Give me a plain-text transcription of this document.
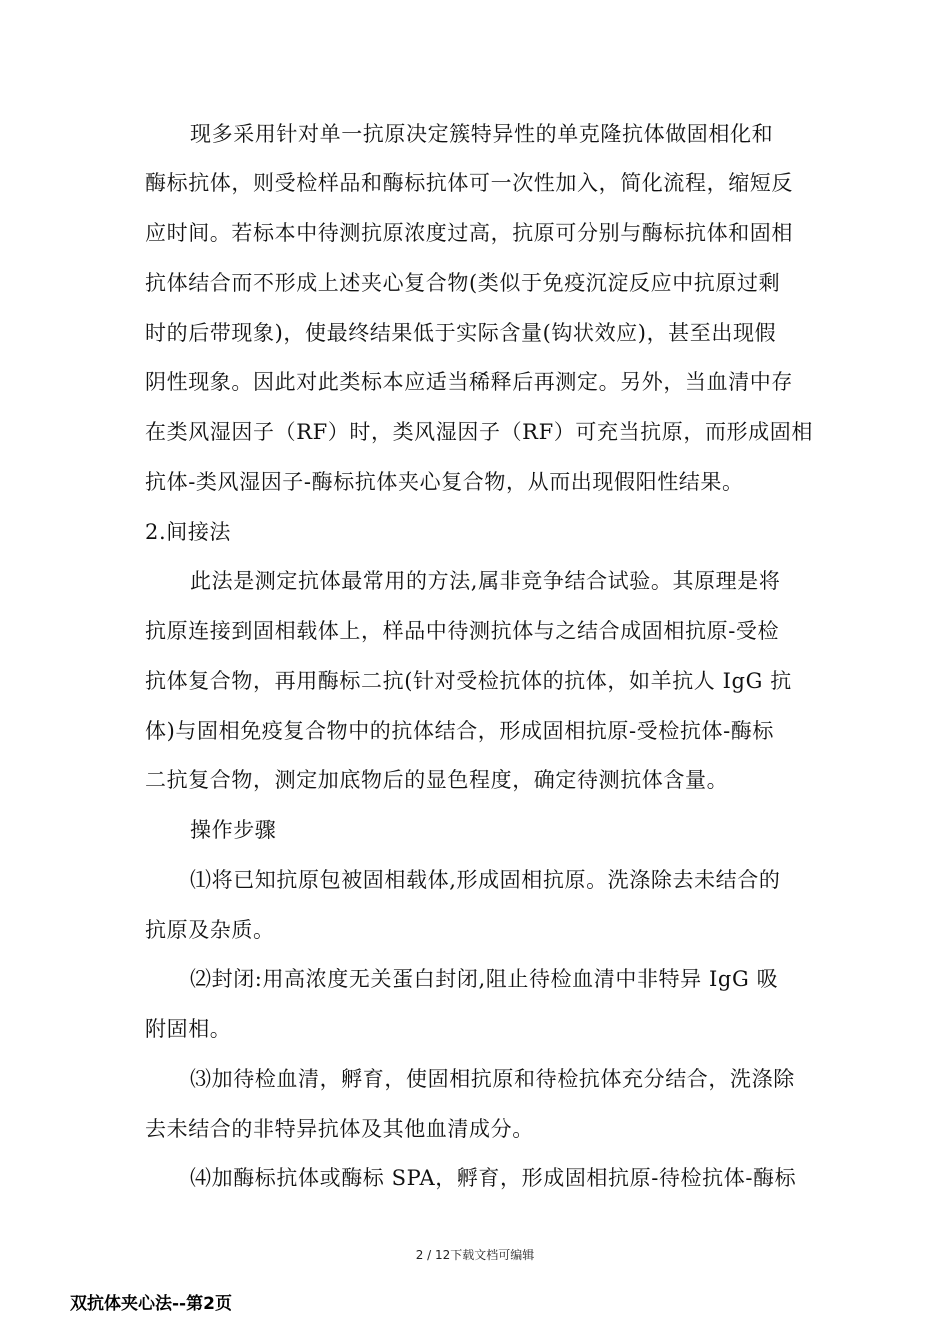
现多采用针对单一抗原决定簇特异性的单克隆抗体做固相化和
酶标抗体，则受检样品和酶标抗体可一次性加入，简化流程，缩短反
应时间。若标本中待测抗原浓度过高，抗原可分别与酶标抗体和固相
抗体结合而不形成上述夹心复合物(类似于免疫沉淀反应中抗原过剩
时的后带现象)，使最终结果低于实际含量(钩状效应)，甚至出现假
阴性现象。因此对此类标本应适当稀释后再测定。另外，当血清中存
在类风湿因子（RF）时，类风湿因子（RF）可充当抗原，而形成固相
抗体-类风湿因子-酶标抗体夹心复合物，从而出现假阳性结果。
2.间接法
此法是测定抗体最常用的方法,属非竞争结合试验。其原理是将
抗原连接到固相载体上，样品中待测抗体与之结合成固相抗原-受检
抗体复合物，再用酶标二抗(针对受检抗体的抗体，如羊抗人 IgG 抗
体)与固相免疫复合物中的抗体结合，形成固相抗原-受检抗体-酶标
二抗复合物，测定加底物后的显色程度，确定待测抗体含量。
操作步骤
⑴将已知抗原包被固相载体,形成固相抗原。洗涤除去未结合的
抗原及杂质。
⑵封闭:用高浓度无关蛋白封闭,阻止待检血清中非特异 IgG 吸
附固相。
⑶加待检血清，孵育，使固相抗原和待检抗体充分结合，洗涤除
去未结合的非特异抗体及其他血清成分。
⑷加酶标抗体或酶标 SPA，孵育，形成固相抗原-待检抗体-酶标
2 / 12下载文档可编辑
双抗体夹心法--第2页
